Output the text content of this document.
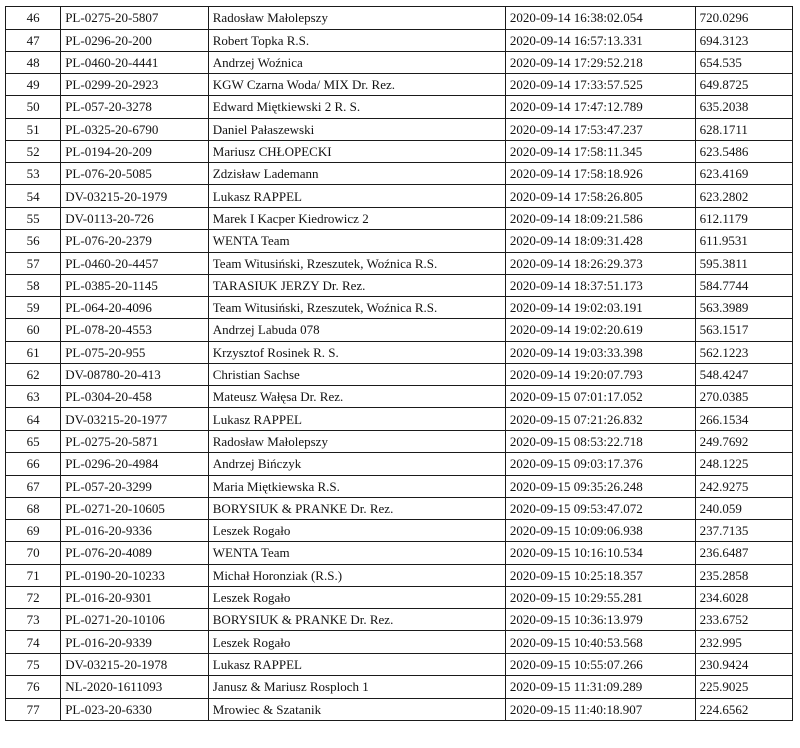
46	PL-0275-20-5807	Radosław Małolepszy	2020-09-14 16:38:02.054	720.0296
47	PL-0296-20-200	Robert Topka R.S.	2020-09-14 16:57:13.331	694.3123
48	PL-0460-20-4441	Andrzej Woźnica	2020-09-14 17:29:52.218	654.535
49	PL-0299-20-2923	KGW Czarna Woda/ MIX Dr. Rez.	2020-09-14 17:33:57.525	649.8725
50	PL-057-20-3278	Edward Miętkiewski 2 R. S.	2020-09-14 17:47:12.789	635.2038
51	PL-0325-20-6790	Daniel Pałaszewski	2020-09-14 17:53:47.237	628.1711
52	PL-0194-20-209	Mariusz CHŁOPECKI	2020-09-14 17:58:11.345	623.5486
53	PL-076-20-5085	Zdzisław Lademann	2020-09-14 17:58:18.926	623.4169
54	DV-03215-20-1979	Lukasz RAPPEL	2020-09-14 17:58:26.805	623.2802
55	DV-0113-20-726	Marek I Kacper Kiedrowicz 2	2020-09-14 18:09:21.586	612.1179
56	PL-076-20-2379	WENTA Team	2020-09-14 18:09:31.428	611.9531
57	PL-0460-20-4457	Team Witusiński, Rzeszutek, Woźnica R.S.	2020-09-14 18:26:29.373	595.3811
58	PL-0385-20-1145	TARASIUK JERZY Dr. Rez.	2020-09-14 18:37:51.173	584.7744
59	PL-064-20-4096	Team Witusiński, Rzeszutek, Woźnica R.S.	2020-09-14 19:02:03.191	563.3989
60	PL-078-20-4553	Andrzej Labuda 078	2020-09-14 19:02:20.619	563.1517
61	PL-075-20-955	Krzysztof Rosinek R. S.	2020-09-14 19:03:33.398	562.1223
62	DV-08780-20-413	Christian Sachse	2020-09-14 19:20:07.793	548.4247
63	PL-0304-20-458	Mateusz Wałęsa Dr. Rez.	2020-09-15 07:01:17.052	270.0385
64	DV-03215-20-1977	Lukasz RAPPEL	2020-09-15 07:21:26.832	266.1534
65	PL-0275-20-5871	Radosław Małolepszy	2020-09-15 08:53:22.718	249.7692
66	PL-0296-20-4984	Andrzej Bińczyk	2020-09-15 09:03:17.376	248.1225
67	PL-057-20-3299	Maria Miętkiewska R.S.	2020-09-15 09:35:26.248	242.9275
68	PL-0271-20-10605	BORYSIUK & PRANKE Dr. Rez.	2020-09-15 09:53:47.072	240.059
69	PL-016-20-9336	Leszek Rogało	2020-09-15 10:09:06.938	237.7135
70	PL-076-20-4089	WENTA Team	2020-09-15 10:16:10.534	236.6487
71	PL-0190-20-10233	Michał Horonziak (R.S.)	2020-09-15 10:25:18.357	235.2858
72	PL-016-20-9301	Leszek Rogało	2020-09-15 10:29:55.281	234.6028
73	PL-0271-20-10106	BORYSIUK & PRANKE Dr. Rez.	2020-09-15 10:36:13.979	233.6752
74	PL-016-20-9339	Leszek Rogało	2020-09-15 10:40:53.568	232.995
75	DV-03215-20-1978	Lukasz RAPPEL	2020-09-15 10:55:07.266	230.9424
76	NL-2020-1611093	Janusz & Mariusz Rosploch 1	2020-09-15 11:31:09.289	225.9025
77	PL-023-20-6330	Mrowiec & Szatanik	2020-09-15 11:40:18.907	224.6562
